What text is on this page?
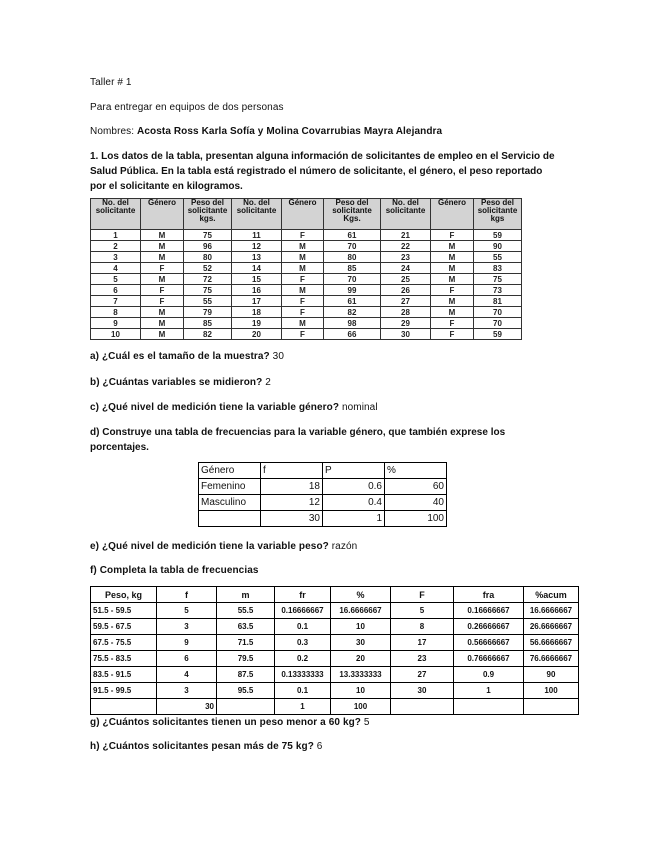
Taller # 1
Para entregar en equipos de dos personas
Nombres: Acosta Ross Karla Sofía y Molina Covarrubias Mayra Alejandra
1. Los datos de la tabla, presentan alguna información de solicitantes de empleo en el Servicio de Salud Pública. En la tabla está registrado el número de solicitante, el género, el peso reportado por el solicitante en kilogramos.
No. del solicitante	Género	Peso del solicitante kgs.	No. del solicitante	Género	Peso del solicitante Kgs.	No. del solicitante	Género	Peso del solicitante kgs
1	M	75	11	F	61	21	F	59
2	M	96	12	M	70	22	M	90
3	M	80	13	M	80	23	M	55
4	F	52	14	M	85	24	M	83
5	M	72	15	F	70	25	M	75
6	F	75	16	M	99	26	F	73
7	F	55	17	F	61	27	M	81
8	M	79	18	F	82	28	M	70
9	M	85	19	M	98	29	F	70
10	M	82	20	F	66	30	F	59
a) ¿Cuál es el tamaño de la muestra? 30
b) ¿Cuántas variables se midieron? 2
c) ¿Qué nivel de medición tiene la variable género? nominal
d) Construye una tabla de frecuencias para la variable género, que también exprese los porcentajes.
Género	f	P	%
Femenino	18	0.6	60
Masculino	12	0.4	40
	30	1	100
e) ¿Qué nivel de medición tiene la variable peso? razón
f) Completa la tabla de frecuencias
Peso, kg	f	m	fr	%	F	fra	%acum
51.5 - 59.5	5	55.5	0.16666667	16.6666667	5	0.16666667	16.6666667
59.5 - 67.5	3	63.5	0.1	10	8	0.26666667	26.6666667
67.5 - 75.5	9	71.5	0.3	30	17	0.56666667	56.6666667
75.5 - 83.5	6	79.5	0.2	20	23	0.76666667	76.6666667
83.5 - 91.5	4	87.5	0.13333333	13.3333333	27	0.9	90
91.5 - 99.5	3	95.5	0.1	10	30	1	100
	30		1	100			
g) ¿Cuántos solicitantes tienen un peso menor a 60 kg? 5
h) ¿Cuántos solicitantes pesan más de 75 kg? 6
